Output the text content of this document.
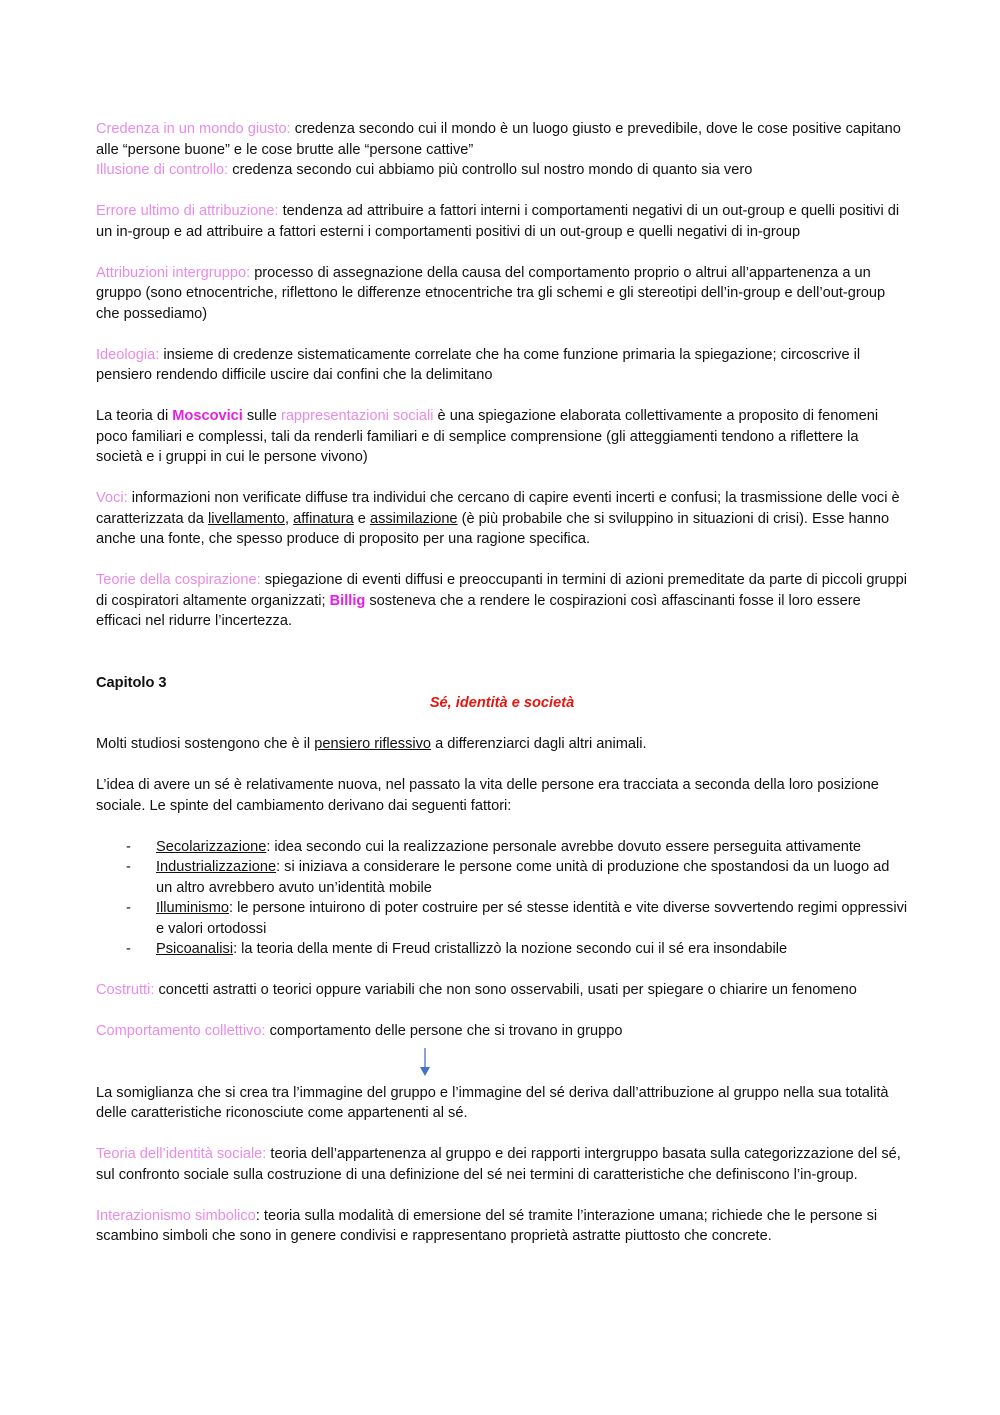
Credenza in un mondo giusto: credenza secondo cui il mondo è un luogo giusto e prevedibile, dove le cose positive capitano alle “persone buone” e le cose brutte alle “persone cattive”

Illusione di controllo: credenza secondo cui abbiamo più controllo sul nostro mondo di quanto sia vero

Errore ultimo di attribuzione: tendenza ad attribuire a fattori interni i comportamenti negativi di un out-group e quelli positivi di un in-group e ad attribuire a fattori esterni i comportamenti positivi di un out-group e quelli negativi di in-group

Attribuzioni intergruppo: processo di assegnazione della causa del comportamento proprio o altrui all’appartenenza a un gruppo (sono etnocentriche, riflettono le differenze etnocentriche tra gli schemi e gli stereotipi dell’in-group e dell’out-group che possediamo)

Ideologia: insieme di credenze sistematicamente correlate che ha come funzione primaria la spiegazione; circoscrive il pensiero rendendo difficile uscire dai confini che la delimitano

La teoria di Moscovici sulle rappresentazioni sociali è una spiegazione elaborata collettivamente a proposito di fenomeni poco familiari e complessi, tali da renderli familiari e di semplice comprensione (gli atteggiamenti tendono a riflettere la società e i gruppi in cui le persone vivono)

Voci: informazioni non verificate diffuse tra individui che cercano di capire eventi incerti e confusi; la trasmissione delle voci è caratterizzata da livellamento, affinatura e assimilazione (è più probabile che si sviluppino in situazioni di crisi). Esse hanno anche una fonte, che spesso produce di proposito per una ragione specifica.

Teorie della cospirazione: spiegazione di eventi diffusi e preoccupanti in termini di azioni premeditate da parte di piccoli gruppi di cospiratori altamente organizzati; Billig sosteneva che a rendere le cospirazioni così affascinanti fosse il loro essere efficaci nel ridurre l’incertezza.

Capitolo 3

Sé, identità e società

Molti studiosi sostengono che è il pensiero riflessivo a differenziarci dagli altri animali.

L’idea di avere un sé è relativamente nuova, nel passato la vita delle persone era tracciata a seconda della loro posizione sociale. Le spinte del cambiamento derivano dai seguenti fattori:

- Secolarizzazione: idea secondo cui la realizzazione personale avrebbe dovuto essere perseguita attivamente
- Industrializzazione: si iniziava a considerare le persone come unità di produzione che spostandosi da un luogo ad un altro avrebbero avuto un’identità mobile
- Illuminismo: le persone intuirono di poter costruire per sé stesse identità e vite diverse sovvertendo regimi oppressivi e valori ortodossi
- Psicoanalisi: la teoria della mente di Freud cristallizzò la nozione secondo cui il sé era insondabile

Costrutti: concetti astratti o teorici oppure variabili che non sono osservabili, usati per spiegare o chiarire un fenomeno

Comportamento collettivo: comportamento delle persone che si trovano in gruppo

La somiglianza che si crea tra l’immagine del gruppo e l’immagine del sé deriva dall’attribuzione al gruppo nella sua totalità delle caratteristiche riconosciute come appartenenti al sé.

Teoria dell’identità sociale: teoria dell’appartenenza al gruppo e dei rapporti intergruppo basata sulla categorizzazione del sé, sul confronto sociale sulla costruzione di una definizione del sé nei termini di caratteristiche che definiscono l’in-group.

Interazionismo simbolico: teoria sulla modalità di emersione del sé tramite l’interazione umana; richiede che le persone si scambino simboli che sono in genere condivisi e rappresentano proprietà astratte piuttosto che concrete.
